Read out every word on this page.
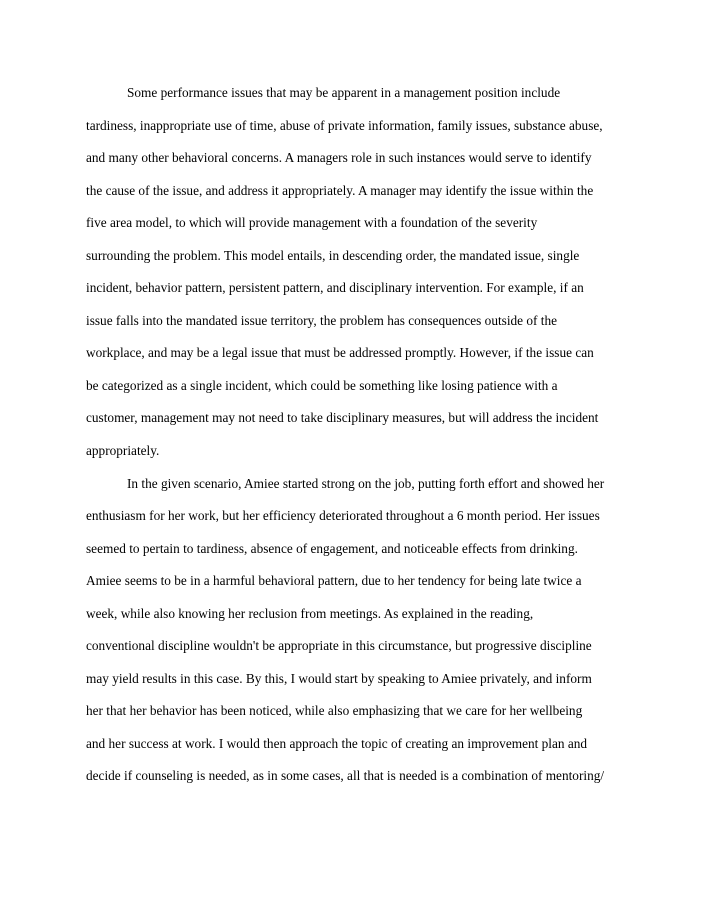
Some performance issues that may be apparent in a management position include
tardiness, inappropriate use of time, abuse of private information, family issues, substance abuse,
and many other behavioral concerns. A managers role in such instances would serve to identify
the cause of the issue, and address it appropriately. A manager may identify the issue within the
five area model, to which will provide management with a foundation of the severity
surrounding the problem. This model entails, in descending order, the mandated issue, single
incident, behavior pattern, persistent pattern, and disciplinary intervention. For example, if an
issue falls into the mandated issue territory, the problem has consequences outside of the
workplace, and may be a legal issue that must be addressed promptly. However, if the issue can
be categorized as a single incident, which could be something like losing patience with a
customer, management may not need to take disciplinary measures, but will address the incident
appropriately.
In the given scenario, Amiee started strong on the job, putting forth effort and showed her
enthusiasm for her work, but her efficiency deteriorated throughout a 6 month period. Her issues
seemed to pertain to tardiness, absence of engagement, and noticeable effects from drinking.
Amiee seems to be in a harmful behavioral pattern, due to her tendency for being late twice a
week, while also knowing her reclusion from meetings. As explained in the reading,
conventional discipline wouldn't be appropriate in this circumstance, but progressive discipline
may yield results in this case. By this, I would start by speaking to Amiee privately, and inform
her that her behavior has been noticed, while also emphasizing that we care for her wellbeing
and her success at work. I would then approach the topic of creating an improvement plan and
decide if counseling is needed, as in some cases, all that is needed is a combination of mentoring/
